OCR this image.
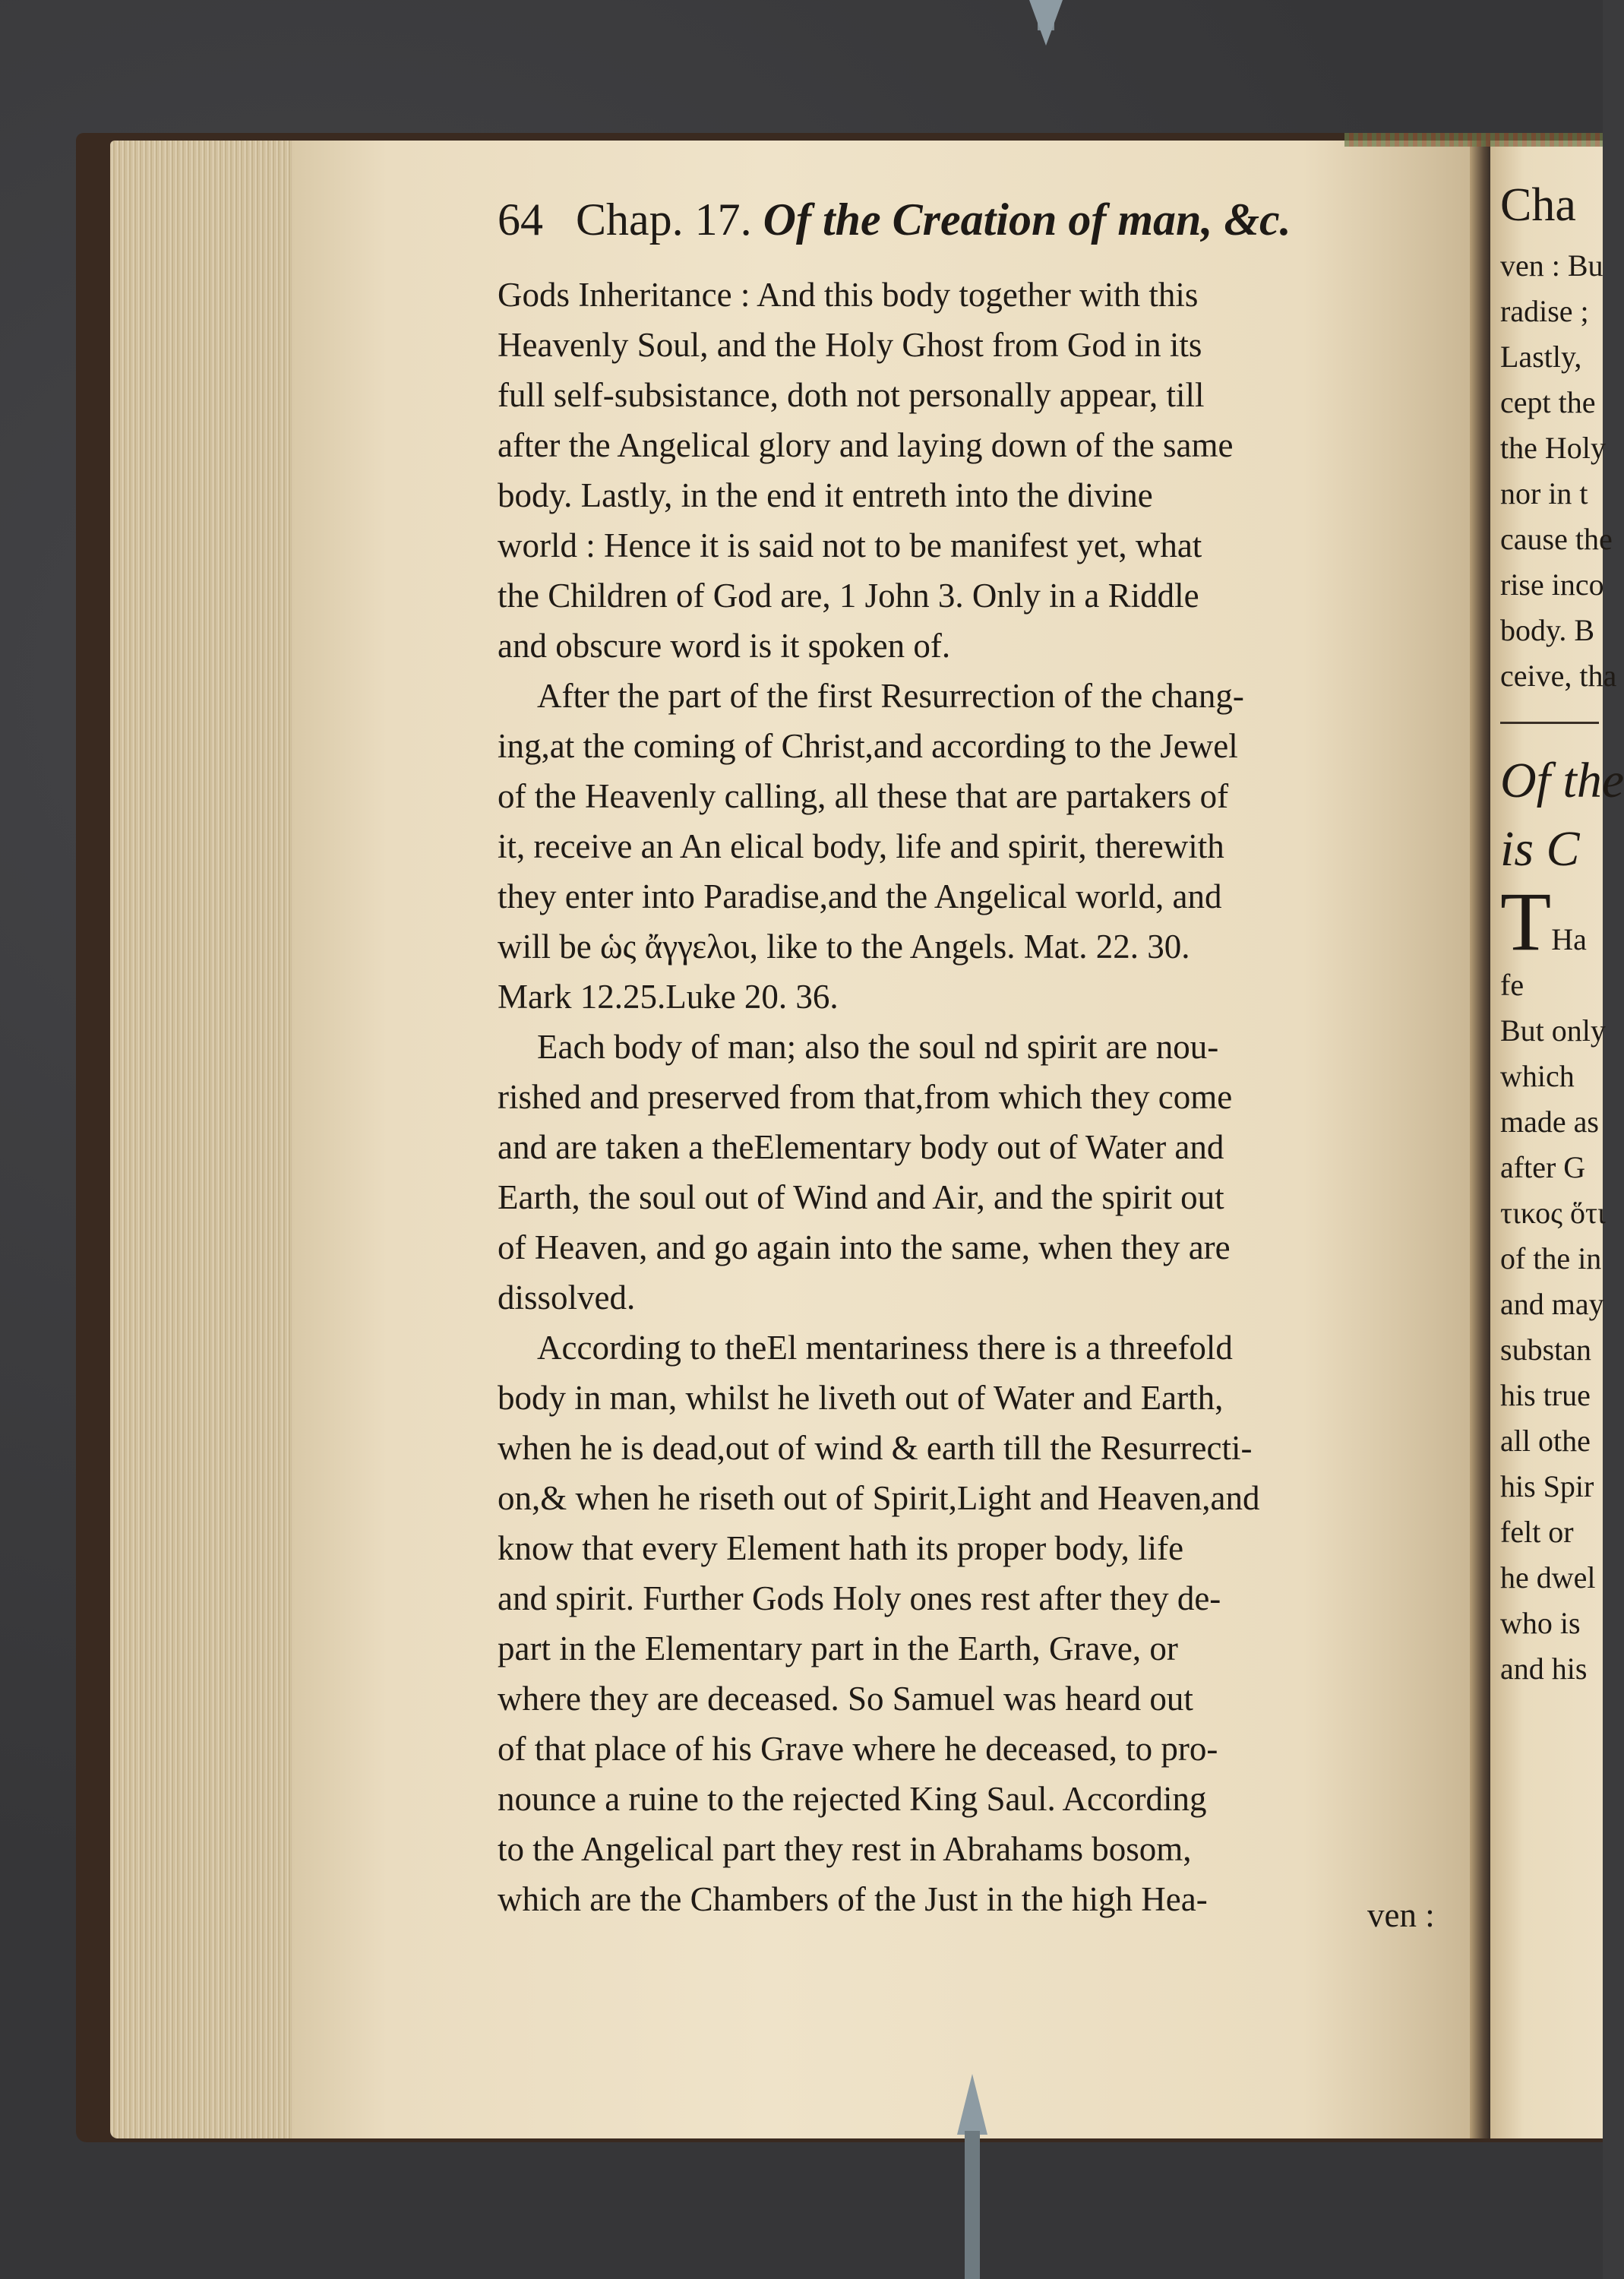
64 Chap. 17. Of the Creation of man, &c.
Gods Inheritance : And this body together with this
Heavenly Soul, and the Holy Ghost from God in its
full self-subsistance, doth not personally appear, till
after the Angelical glory and laying down of the same
body. Lastly, in the end it entreth into the divine
world : Hence it is said not to be manifest yet, what
the Children of God are, 1 John 3. Only in a Riddle
and obscure word is it spoken of.
After the part of the first Resurrection of the chang-
ing,at the coming of Christ,and according to the Jewel
of the Heavenly calling, all these that are partakers of
it, receive an An elical body, life and spirit, therewith
they enter into Paradise,and the Angelical world, and
will be ὡς ἄγγελοι, like to the Angels. Mat. 22. 30.
Mark 12.25.Luke 20. 36.
Each body of man; also the soul nd spirit are nou-
rished and preserved from that,from which they come
and are taken a theElementary body out of Water and
Earth, the soul out of Wind and Air, and the spirit out
of Heaven, and go again into the same, when they are
dissolved.
According to theEl mentariness there is a threefold
body in man, whilst he liveth out of Water and Earth,
when he is dead,out of wind & earth till the Resurrecti-
on,& when he riseth out of Spirit,Light and Heaven,and
know that every Element hath its proper body, life
and spirit. Further Gods Holy ones rest after they de-
part in the Elementary part in the Earth, Grave, or
where they are deceased. So Samuel was heard out
of that place of his Grave where he deceased, to pro-
nounce a ruine to the rejected King Saul. According
to the Angelical part they rest in Abrahams bosom,
which are the Chambers of the Just in the high Hea-	ven :
Cha
ven : Bu
radise ;
Lastly,
cept the
the Holy
nor in t
cause the
rise inco
body. B
ceive, tha
Of the
is C
THa
fe
But only
which
made as
after G
τικος ὅτι
of the in
and may
substan
his true
all othe
his Spir
felt or
he dwel
who is
and his
